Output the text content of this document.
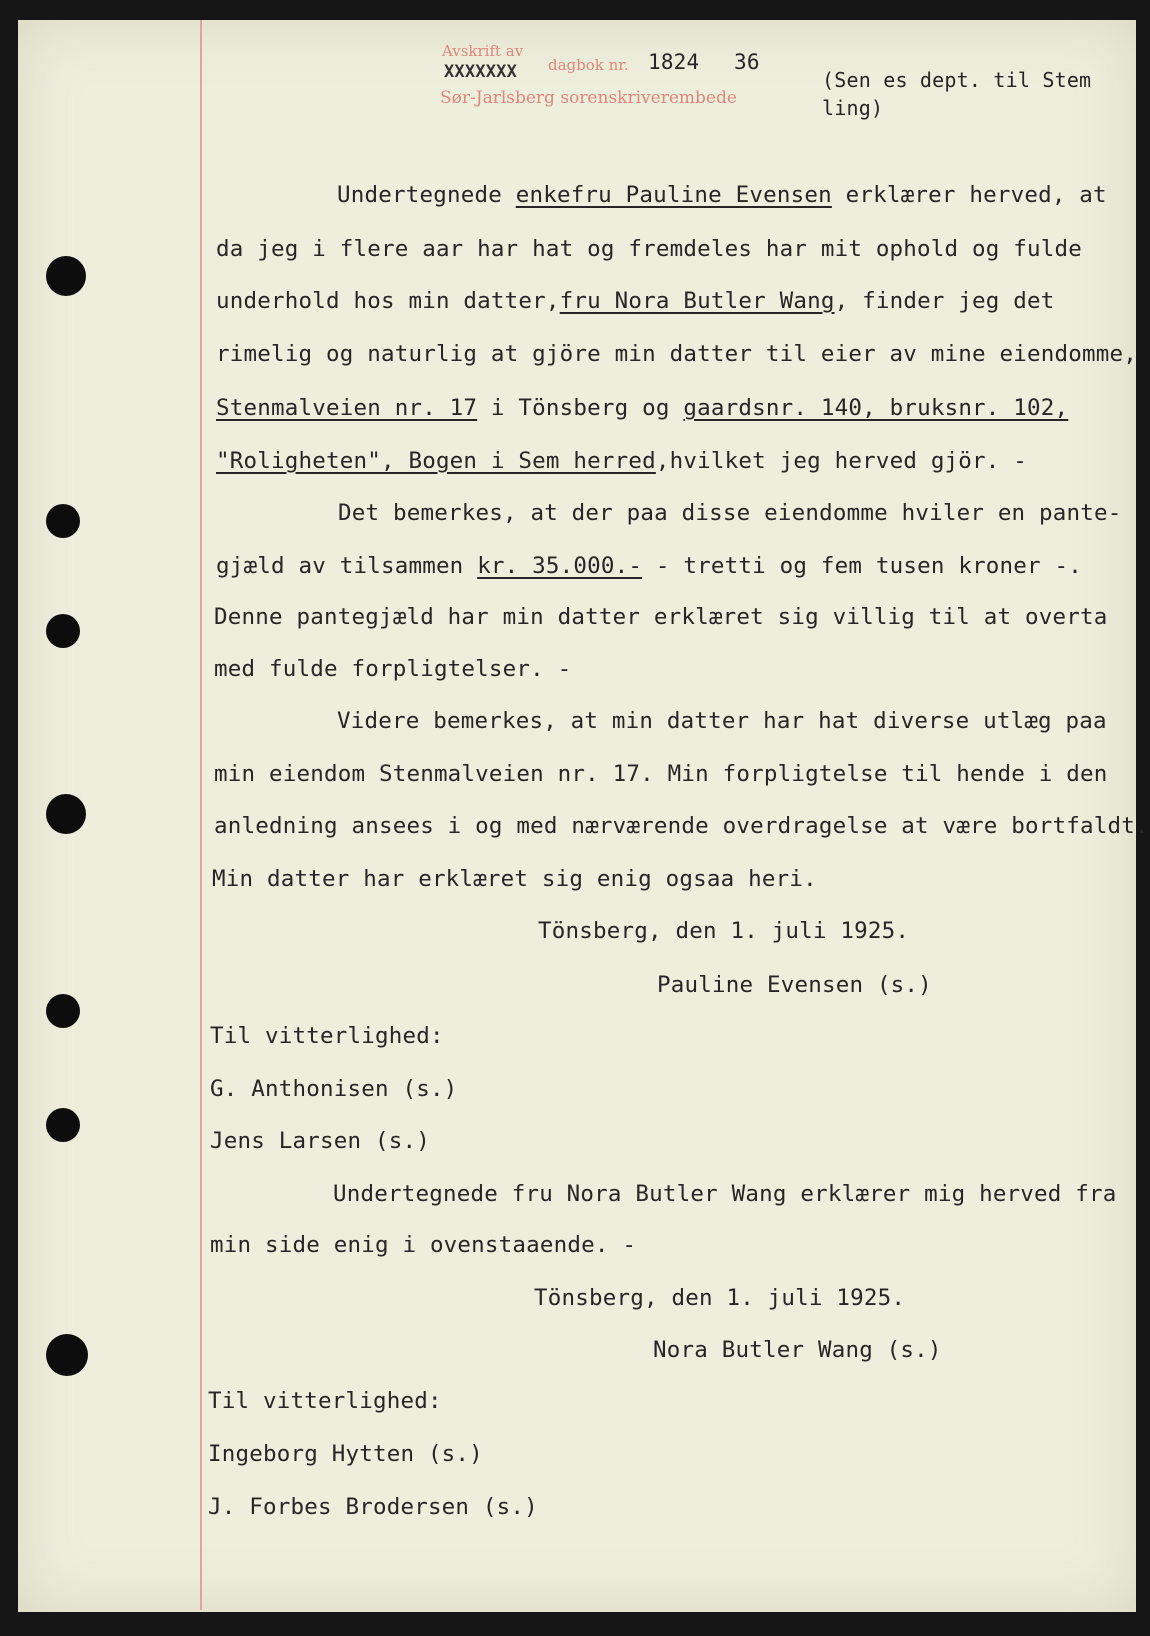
Avskrift av
dagbok nr.
XXXXXXX	1824 36
Sør-Jarlsberg sorenskriverembede
(Sen es dept. til Stem
ling)
Undertegnede enkefru Pauline Evensen erklærer herved, at
da jeg i flere aar har hat og fremdeles har mit ophold og fulde
underhold hos min datter,fru Nora Butler Wang, finder jeg det
rimelig og naturlig at gjöre min datter til eier av mine eiendomme,
Stenmalveien nr. 17 i Tönsberg og gaardsnr. 140, bruksnr. 102,
"Roligheten", Bogen i Sem herred,hvilket jeg herved gjör. -
Det bemerkes, at der paa disse eiendomme hviler en pante-
gjæld av tilsammen kr. 35.000.- - tretti og fem tusen kroner -.
Denne pantegjæld har min datter erklæret sig villig til at overta
med fulde forpligtelser. -
Videre bemerkes, at min datter har hat diverse utlæg paa
min eiendom Stenmalveien nr. 17. Min forpligtelse til hende i den
anledning ansees i og med nærværende overdragelse at være bortfaldt.
Min datter har erklæret sig enig ogsaa heri.
Tönsberg, den 1. juli 1925.
Pauline Evensen (s.)
Til vitterlighed:
G. Anthonisen (s.)
Jens Larsen (s.)
Undertegnede fru Nora Butler Wang erklærer mig herved fra
min side enig i ovenstaaende. -
Tönsberg, den 1. juli 1925.
Nora Butler Wang (s.)
Til vitterlighed:
Ingeborg Hytten (s.)
J. Forbes Brodersen (s.)
